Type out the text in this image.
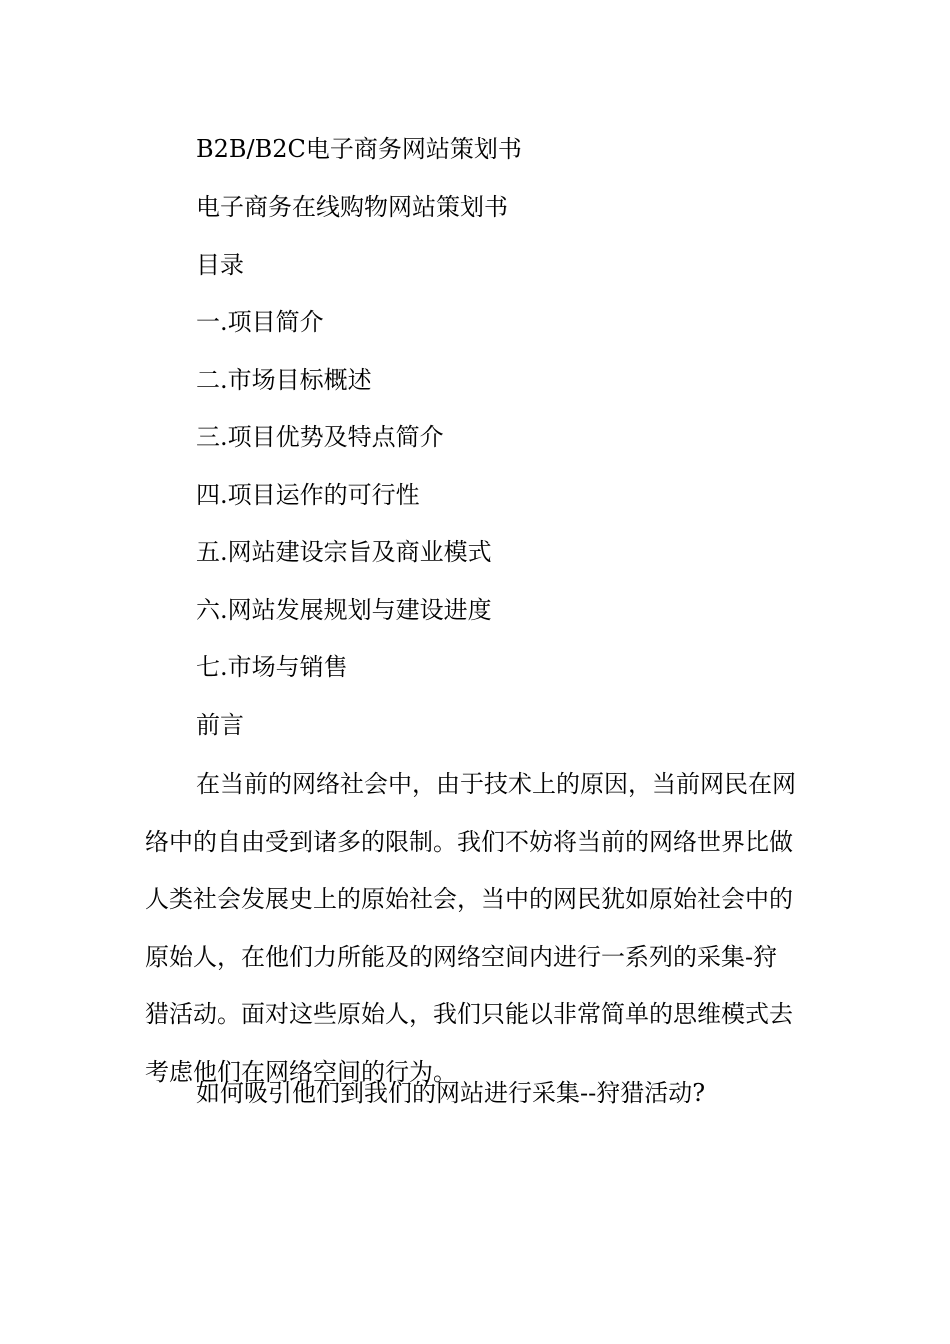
B2B/B2C电子商务网站策划书
电子商务在线购物网站策划书
目录
一.项目简介
二.市场目标概述
三.项目优势及特点简介
四.项目运作的可行性
五.网站建设宗旨及商业模式
六.网站发展规划与建设进度
七.市场与销售
前言

在当前的网络社会中，由于技术上的原因，当前网民在网络中的自由受到诸多的限制。我们不妨将当前的网络世界比做人类社会发展史上的原始社会，当中的网民犹如原始社会中的原始人，在他们力所能及的网络空间内进行一系列的采集-狩猎活动。面对这些原始人，我们只能以非常简单的思维模式去考虑他们在网络空间的行为。

如何吸引他们到我们的网站进行采集--狩猎活动?
